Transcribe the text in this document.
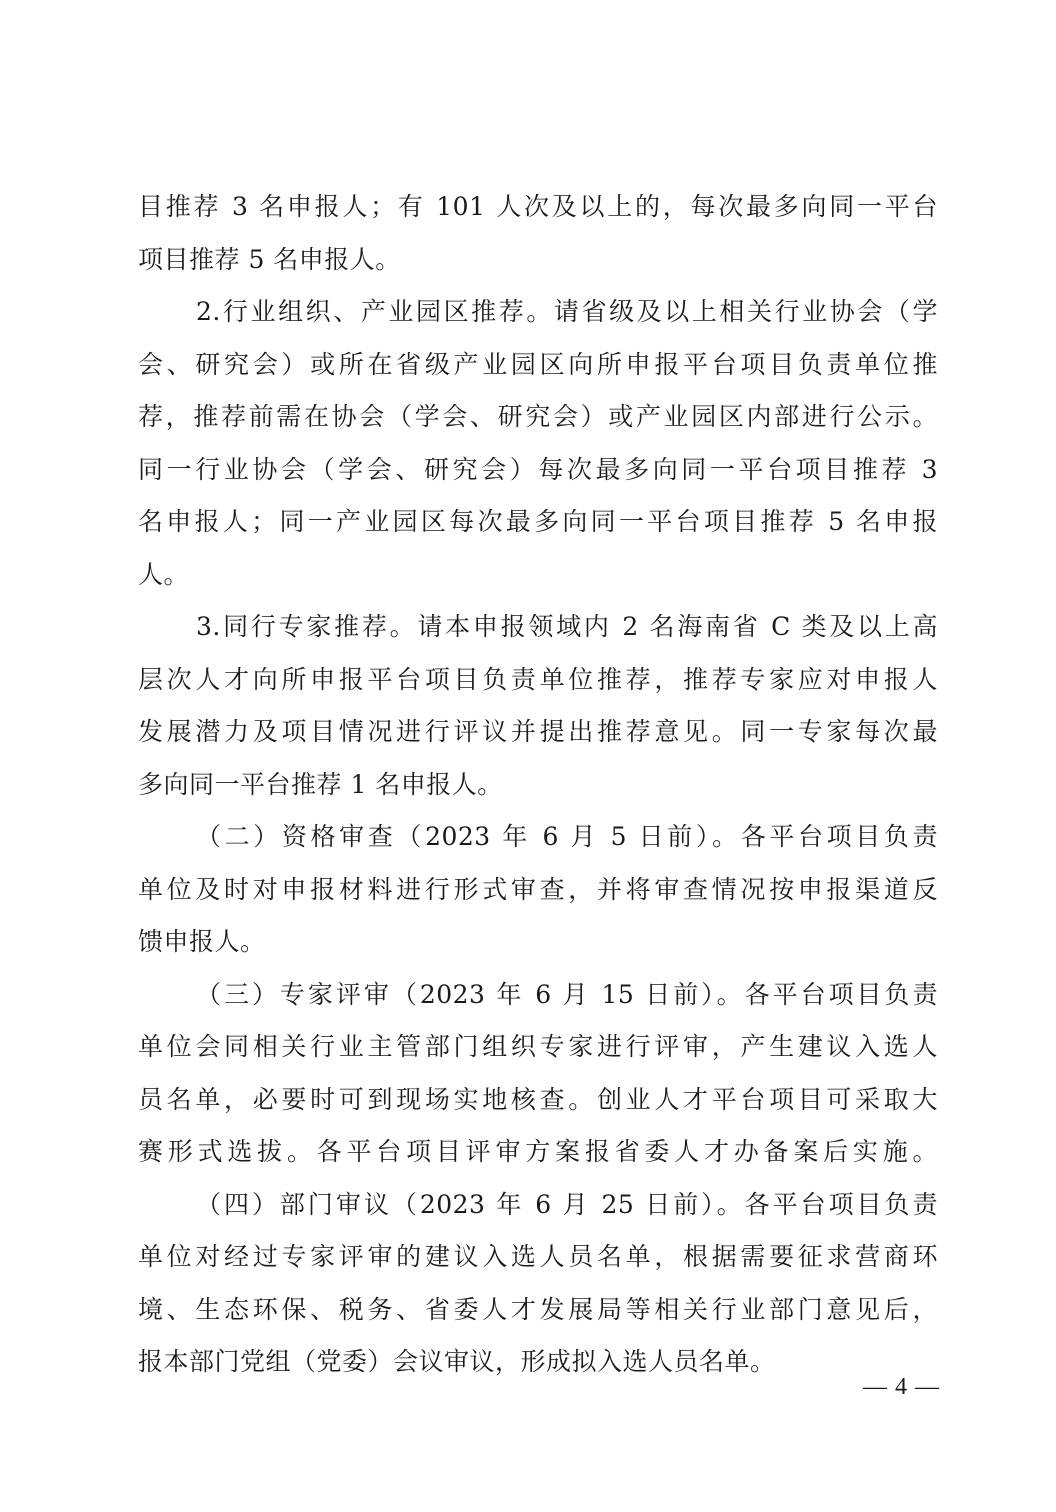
目推荐 3 名申报人；有 101 人次及以上的，每次最多向同一平台
项目推荐 5 名申报人。
2.行业组织、产业园区推荐。请省级及以上相关行业协会（学
会、研究会）或所在省级产业园区向所申报平台项目负责单位推
荐，推荐前需在协会（学会、研究会）或产业园区内部进行公示。
同一行业协会（学会、研究会）每次最多向同一平台项目推荐 3
名申报人；同一产业园区每次最多向同一平台项目推荐 5 名申报
人。
3.同行专家推荐。请本申报领域内 2 名海南省 C 类及以上高
层次人才向所申报平台项目负责单位推荐，推荐专家应对申报人
发展潜力及项目情况进行评议并提出推荐意见。同一专家每次最
多向同一平台推荐 1 名申报人。
（二）资格审查（2023 年 6 月 5 日前）。各平台项目负责
单位及时对申报材料进行形式审查，并将审查情况按申报渠道反
馈申报人。
（三）专家评审（2023 年 6 月 15 日前）。各平台项目负责
单位会同相关行业主管部门组织专家进行评审，产生建议入选人
员名单，必要时可到现场实地核查。创业人才平台项目可采取大
赛形式选拔。各平台项目评审方案报省委人才办备案后实施。
（四）部门审议（2023 年 6 月 25 日前）。各平台项目负责
单位对经过专家评审的建议入选人员名单，根据需要征求营商环
境、生态环保、税务、省委人才发展局等相关行业部门意见后，
报本部门党组（党委）会议审议，形成拟入选人员名单。
— 4 —
